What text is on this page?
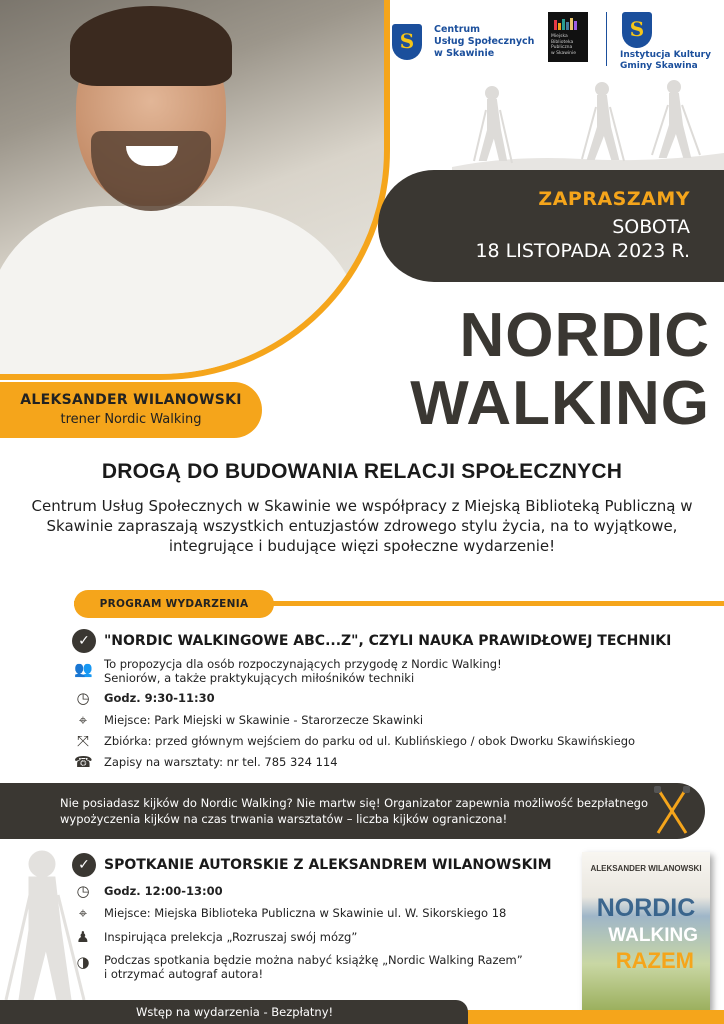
ALEKSANDER WILANOWSKI
trener Nordic Walking
S	Centrum
Usług Społecznych
w Skawinie
Miejska
Biblioteka
Publiczna
w Skawinie
S
Instytucja Kultury
Gminy Skawina
ZAPRASZAMY
SOBOTA
18 LISTOPADA 2023 R.
NORDIC
WALKING
DROGĄ DO BUDOWANIA RELACJI SPOŁECZNYCH
Centrum Usług Społecznych w Skawinie we współpracy z Miejską Biblioteką Publiczną w Skawinie zapraszają wszystkich entuzjastów zdrowego stylu życia, na to wyjątkowe, integrujące i budujące więzi społeczne wydarzenie!
PROGRAM WYDARZENIA
✓	"NORDIC WALKINGOWE ABC...Z", CZYLI NAUKA PRAWIDŁOWEJ TECHNIKI
👥 To propozycja dla osób rozpoczynających przygodę z Nordic Walking!
Seniorów, a także praktykujących miłośników techniki
◷ Godz. 9:30-11:30
⌖	Miejsce: Park Miejski w Skawinie - Starorzecze Skawinki
⤧ Zbiórka: przed głównym wejściem do parku od ul. Kublińskiego / obok Dworku Skawińskiego
☎ Zapisy na warsztaty: nr tel. 785 324 114
Nie posiadasz kijków do Nordic Walking? Nie martw się! Organizator zapewnia możliwość bezpłatnego wypożyczenia kijków na czas trwania warsztatów – liczba kijków ograniczona!
✓	SPOTKANIE AUTORSKIE Z ALEKSANDREM WILANOWSKIM
◷ Godz. 12:00-13:00
⌖	Miejsce: Miejska Biblioteka Publiczna w Skawinie ul. W. Sikorskiego 18
♟ Inspirująca prelekcja „Rozruszaj swój mózg”
◑ Podczas spotkania będzie można nabyć książkę „Nordic Walking Razem”
i otrzymać autograf autora!
ALEKSANDER WILANOWSKI
NORDIC
WALKING
RAZEM
Wstęp na wydarzenia - Bezpłatny!
